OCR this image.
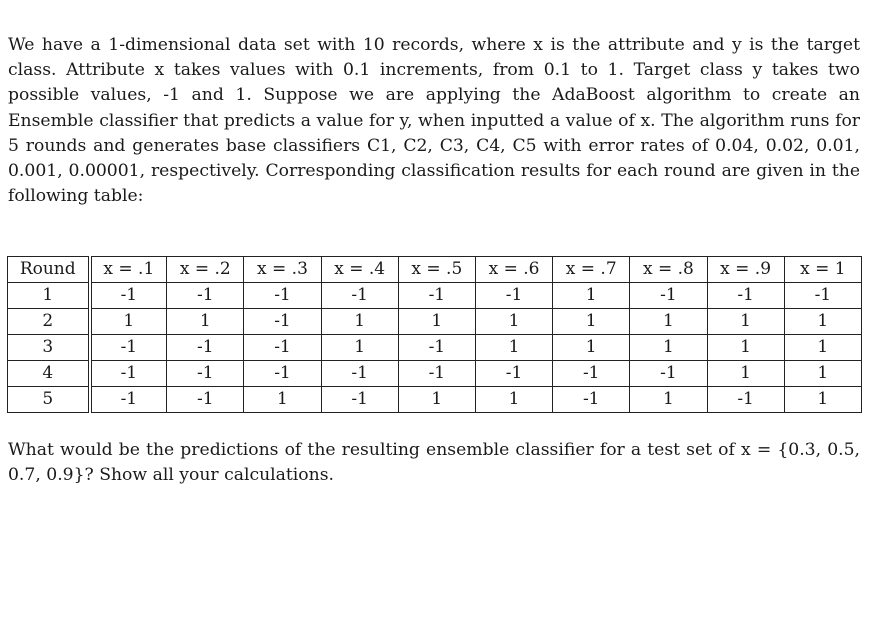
We have a 1-dimensional data set with 10 records, where x is the attribute and y is the target class. Attribute x takes values with 0.1 increments, from 0.1 to 1. Target class y takes two possible values, -1 and 1. Suppose we are applying the AdaBoost algorithm to create an Ensemble classifier that predicts a value for y, when inputted a value of x. The algorithm runs for 5 rounds and generates base classifiers C1, C2, C3, C4, C5 with error rates of 0.04, 0.02, 0.01, 0.001, 0.00001, respectively. Corresponding classification results for each round are given in the following table:

Round	x = .1	x = .2	x = .3	x = .4	x = .5	x = .6	x = .7	x = .8	x = .9	x = 1
1	-1	-1	-1	-1	-1	-1	1	-1	-1	-1
2	1	1	-1	1	1	1	1	1	1	1
3	-1	-1	-1	1	-1	1	1	1	1	1
4	-1	-1	-1	-1	-1	-1	-1	-1	1	1
5	-1	-1	1	-1	1	1	-1	1	-1	1

What would be the predictions of the resulting ensemble classifier for a test set of x = {0.3, 0.5, 0.7, 0.9}? Show all your calculations.
